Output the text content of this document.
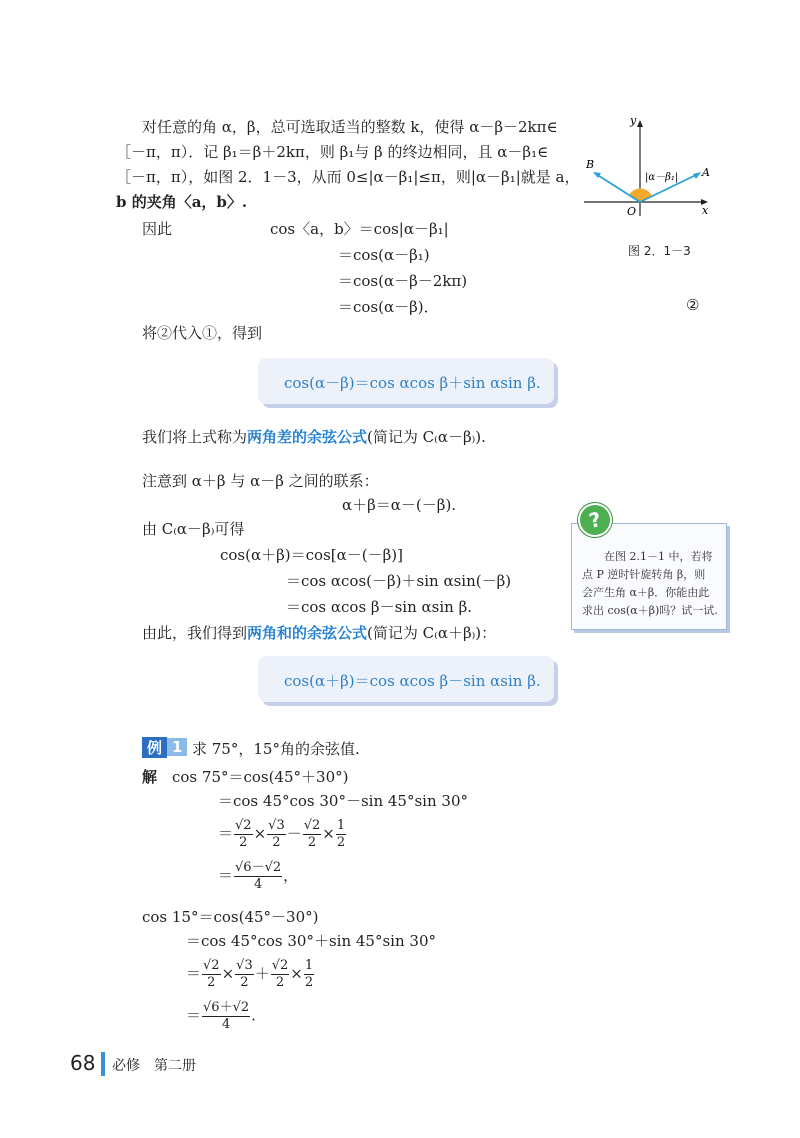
对任意的角 α，β，总可选取适当的整数 k，使得 α－β－2kπ∈
［－π，π）．记 β₁＝β＋2kπ，则 β₁与 β 的终边相同，且 α－β₁∈
［－π，π），如图 2．1－3，从而 0≤|α－β₁|≤π，则|α－β₁|就是 a，
b 的夹角〈a，b〉.
y
x
O
B
A
|α－β₁|
图 2．1－3
因此	cos〈a，b〉＝cos|α－β₁|
＝cos(α－β₁)
＝cos(α－β－2kπ)
＝cos(α－β)．	②
将②代入①，得到
cos(α－β)＝cos αcos β＋sin αsin β.
我们将上式称为两角差的余弦公式(简记为 C₍α－β₎).
注意到 α＋β 与 α－β 之间的联系：
α＋β＝α－(－β).
由 C₍α－β₎可得
cos(α＋β)＝cos[α－(－β)]
＝cos αcos(－β)＋sin αsin(－β)
＝cos αcos β－sin αsin β.
由此，我们得到两角和的余弦公式(简记为 C₍α＋β₎)：
cos(α＋β)＝cos αcos β－sin αsin β.
在图 2.1－1 中，若将
点 P 逆时针旋转角 β，则
会产生角 α＋β．你能由此
求出 cos(α＋β)吗？试一试.
?
例 1 求 75°，15°角的余弦值.
解 cos 75°＝cos(45°＋30°)
＝cos 45°cos 30°－sin 45°sin 30°
＝ $\frac{√2}{2} \times \frac{√3}{2} - \frac{√2}{2} \times \frac{1}{2}$
＝ $\frac{√6-√2}{4}$ ，
cos 15°＝cos(45°－30°)
＝cos 45°cos 30°＋sin 45°sin 30°
＝ $\frac{√2}{2} \times \frac{√3}{2} + \frac{√2}{2} \times \frac{1}{2}$
＝ $\frac{√6+√2}{4}$ .
68 必修　第二册
